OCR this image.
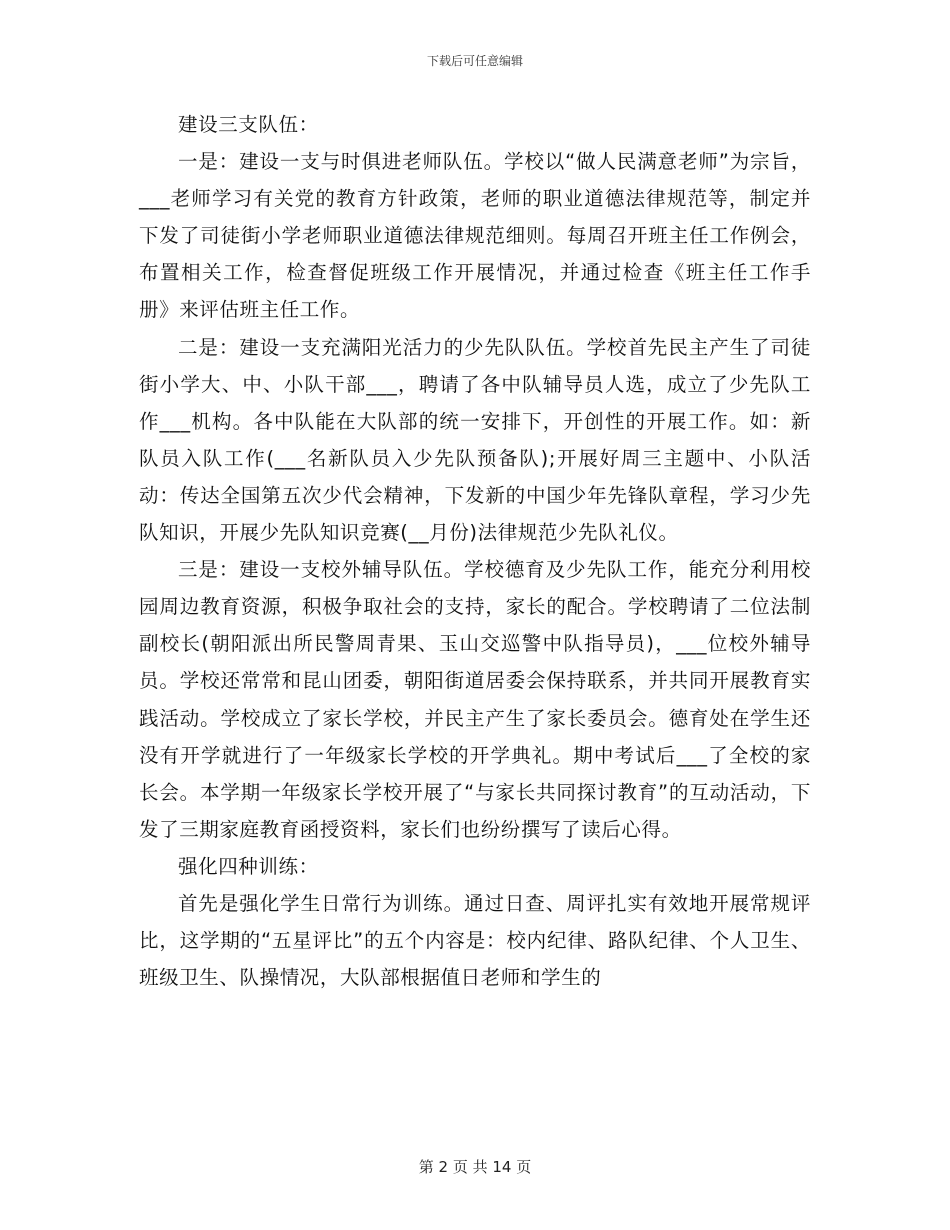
下载后可任意编辑

建设三支队伍：

一是：建设一支与时俱进老师队伍。学校以“做人民满意老师”为宗旨，___老师学习有关党的教育方针政策，老师的职业道德法律规范等，制定并下发了司徒街小学老师职业道德法律规范细则。每周召开班主任工作例会，布置相关工作，检查督促班级工作开展情况，并通过检查《班主任工作手册》来评估班主任工作。

二是：建设一支充满阳光活力的少先队队伍。学校首先民主产生了司徒街小学大、中、小队干部___，聘请了各中队辅导员人选，成立了少先队工作___机构。各中队能在大队部的统一安排下，开创性的开展工作。如：新队员入队工作(___名新队员入少先队预备队);开展好周三主题中、小队活动：传达全国第五次少代会精神，下发新的中国少年先锋队章程，学习少先队知识，开展少先队知识竞赛(__月份)法律规范少先队礼仪。

三是：建设一支校外辅导队伍。学校德育及少先队工作，能充分利用校园周边教育资源，积极争取社会的支持，家长的配合。学校聘请了二位法制副校长(朝阳派出所民警周青果、玉山交巡警中队指导员)，___位校外辅导员。学校还常常和昆山团委，朝阳街道居委会保持联系，并共同开展教育实践活动。学校成立了家长学校，并民主产生了家长委员会。德育处在学生还没有开学就进行了一年级家长学校的开学典礼。期中考试后___了全校的家长会。本学期一年级家长学校开展了“与家长共同探讨教育”的互动活动，下发了三期家庭教育函授资料，家长们也纷纷撰写了读后心得。

强化四种训练：

首先是强化学生日常行为训练。通过日查、周评扎实有效地开展常规评比，这学期的“五星评比”的五个内容是：校内纪律、路队纪律、个人卫生、班级卫生、队操情况，大队部根据值日老师和学生的

第 2 页 共 14 页
